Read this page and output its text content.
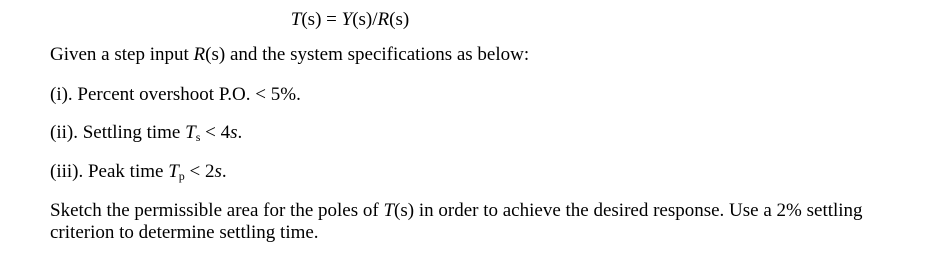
T(s) = Y(s)/R(s)
Given a step input R(s) and the system specifications as below:
(i). Percent overshoot P.O. < 5%.
(ii). Settling time $T_s < 4s$.
(iii). Peak time $T_p < 2s$.
Sketch the permissible area for the poles of T(s) in order to achieve the desired response. Use a 2% settling criterion to determine settling time.
